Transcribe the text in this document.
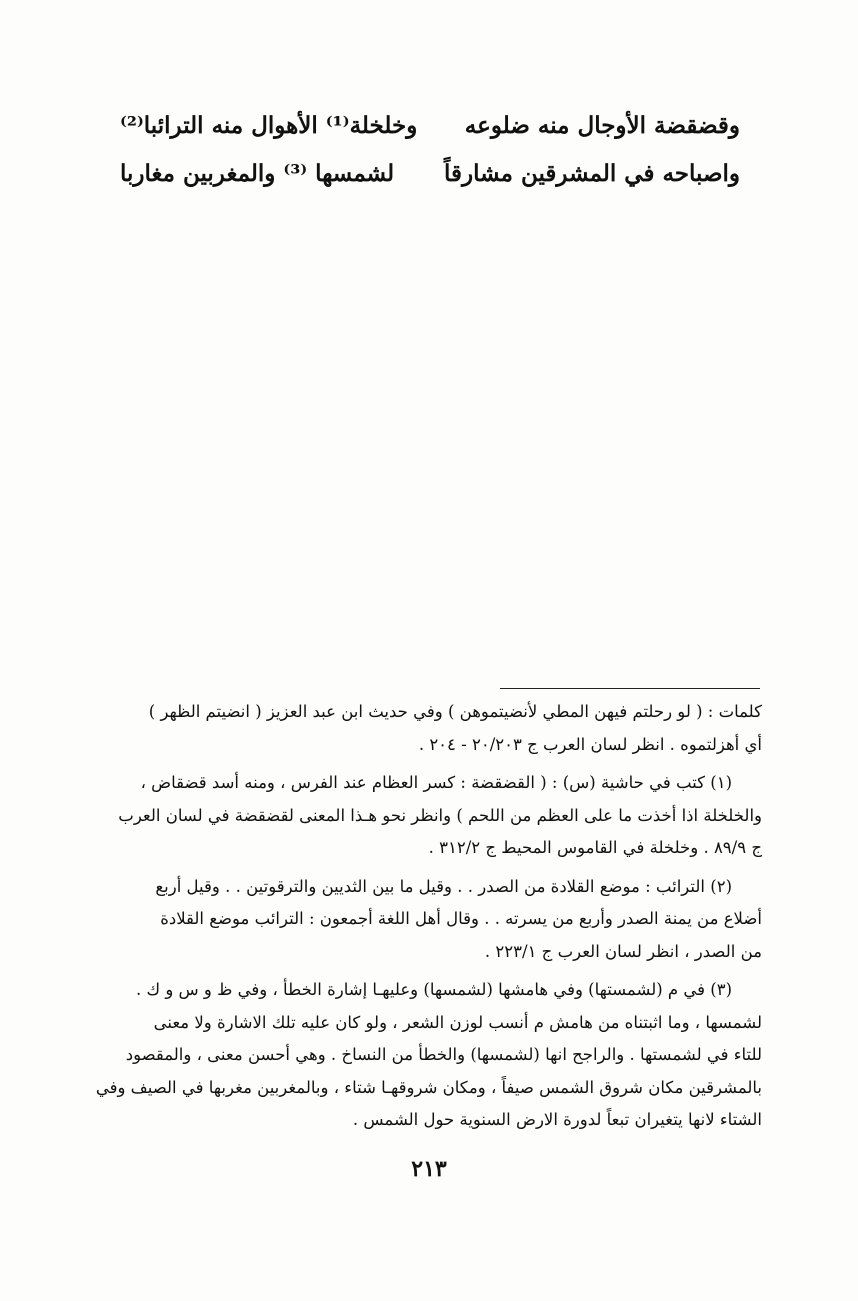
وقضقضة الأوجال منه ضلوعه
وخلخلة⁽¹⁾ الأهوال منه الترائبا⁽²⁾
واصباحه في المشرقين مشارقاً
لشمسها ⁽³⁾ والمغربين مغاربا
كلمات : ( لو رحلتم فيهن المطي لأنضيتموهن ) وفي حديث ابن عبد العزيز ( انضيتم الظهر )
أي أهزلتموه . انظر لسان العرب ج ٢٠/٢٠٣ - ٢٠٤ .
(١) كتب في حاشية (س) : ( القضقضة : كسر العظام عند الفرس ، ومنه أسد قضقاض ،
والخلخلة اذا أخذت ما على العظم من اللحم ) وانظر نحو هـذا المعنى لقضقضة في لسان العرب
ج ٨٩/٩ . وخلخلة في القاموس المحيط ج ٣١٢/٢ .
(٢) الترائب : موضع القلادة من الصدر . . وقيل ما بين الثديين والترقوتين . . وقيل أربع
أضلاع من يمنة الصدر وأربع من يسرته . . وقال أهل اللغة أجمعون : الترائب موضع القلادة
من الصدر ، انظر لسان العرب ج ٢٢٣/١ .
(٣) في م (لشمستها) وفي هامشها (لشمسها) وعليهـا إشارة الخطأ ، وفي ظ و س و ك .
لشمسها ، وما اثبتناه من هامش م أنسب لوزن الشعر ، ولو كان عليه تلك الاشارة ولا معنى
للتاء في لشمستها . والراجح انها (لشمسها) والخطأ من النساخ . وهي أحسن معنى ، والمقصود
بالمشرقين مكان شروق الشمس صيفاً ، ومكان شروقهـا شتاء ، وبالمغربين مغربها في الصيف وفي
الشتاء لانها يتغيران تبعاً لدورة الارض السنوية حول الشمس .
٢١٣
